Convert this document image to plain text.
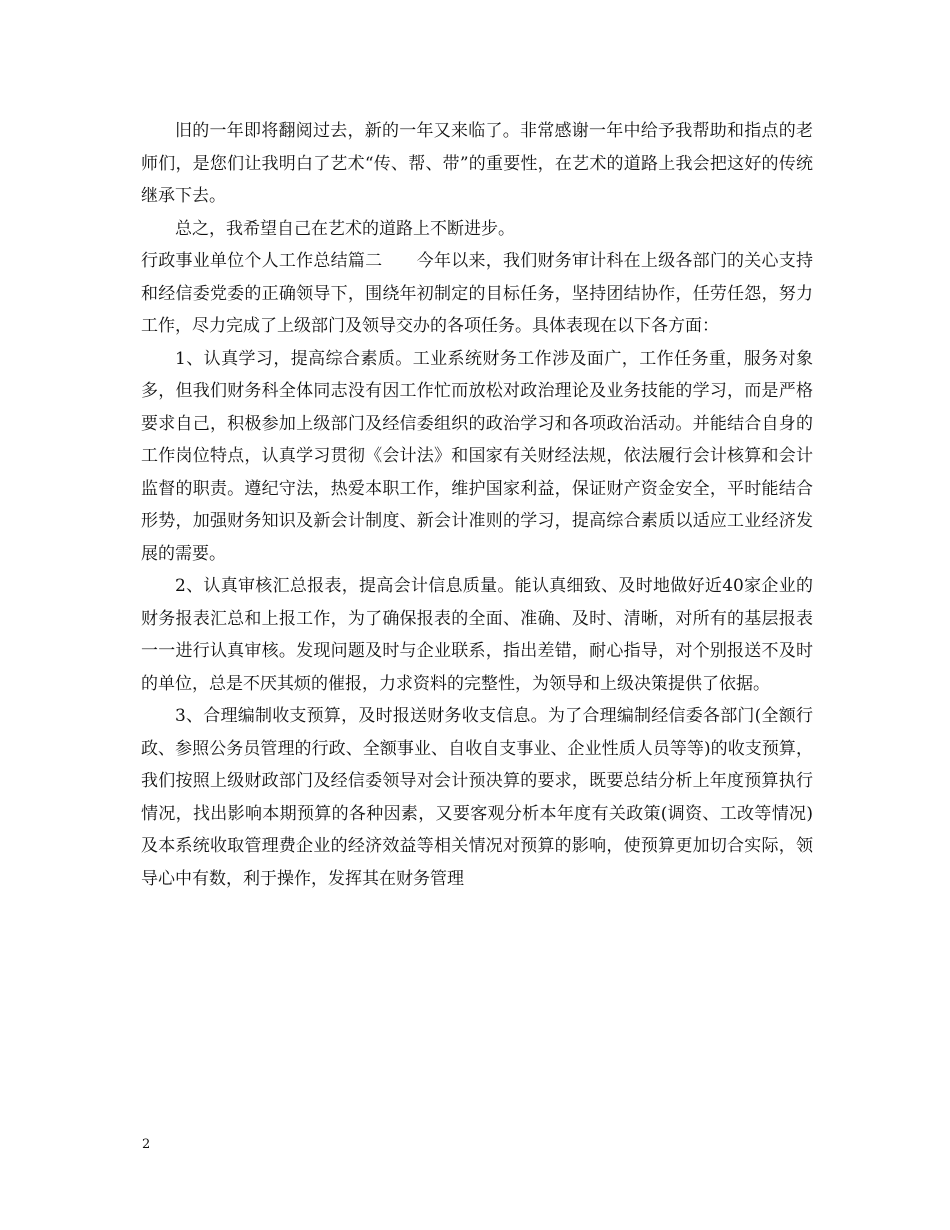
旧的一年即将翻阅过去，新的一年又来临了。非常感谢一年中给予我帮助和指点的老师们，是您们让我明白了艺术“传、帮、带”的重要性，在艺术的道路上我会把这好的传统继承下去。

总之，我希望自己在艺术的道路上不断进步。

行政事业单位个人工作总结篇二　　今年以来，我们财务审计科在上级各部门的关心支持和经信委党委的正确领导下，围绕年初制定的目标任务，坚持团结协作，任劳任怨，努力工作，尽力完成了上级部门及领导交办的各项任务。具体表现在以下各方面：

1、认真学习，提高综合素质。工业系统财务工作涉及面广，工作任务重，服务对象多，但我们财务科全体同志没有因工作忙而放松对政治理论及业务技能的学习，而是严格要求自己，积极参加上级部门及经信委组织的政治学习和各项政治活动。并能结合自身的工作岗位特点，认真学习贯彻《会计法》和国家有关财经法规，依法履行会计核算和会计监督的职责。遵纪守法，热爱本职工作，维护国家利益，保证财产资金安全，平时能结合形势，加强财务知识及新会计制度、新会计准则的学习，提高综合素质以适应工业经济发展的需要。

2、认真审核汇总报表，提高会计信息质量。能认真细致、及时地做好近40家企业的财务报表汇总和上报工作，为了确保报表的全面、准确、及时、清晰，对所有的基层报表一一进行认真审核。发现问题及时与企业联系，指出差错，耐心指导，对个别报送不及时的单位，总是不厌其烦的催报，力求资料的完整性，为领导和上级决策提供了依据。

3、合理编制收支预算，及时报送财务收支信息。为了合理编制经信委各部门(全额行政、参照公务员管理的行政、全额事业、自收自支事业、企业性质人员等等)的收支预算，我们按照上级财政部门及经信委领导对会计预决算的要求，既要总结分析上年度预算执行情况，找出影响本期预算的各种因素，又要客观分析本年度有关政策(调资、工改等情况)及本系统收取管理费企业的经济效益等相关情况对预算的影响，使预算更加切合实际，领导心中有数，利于操作，发挥其在财务管理

2
